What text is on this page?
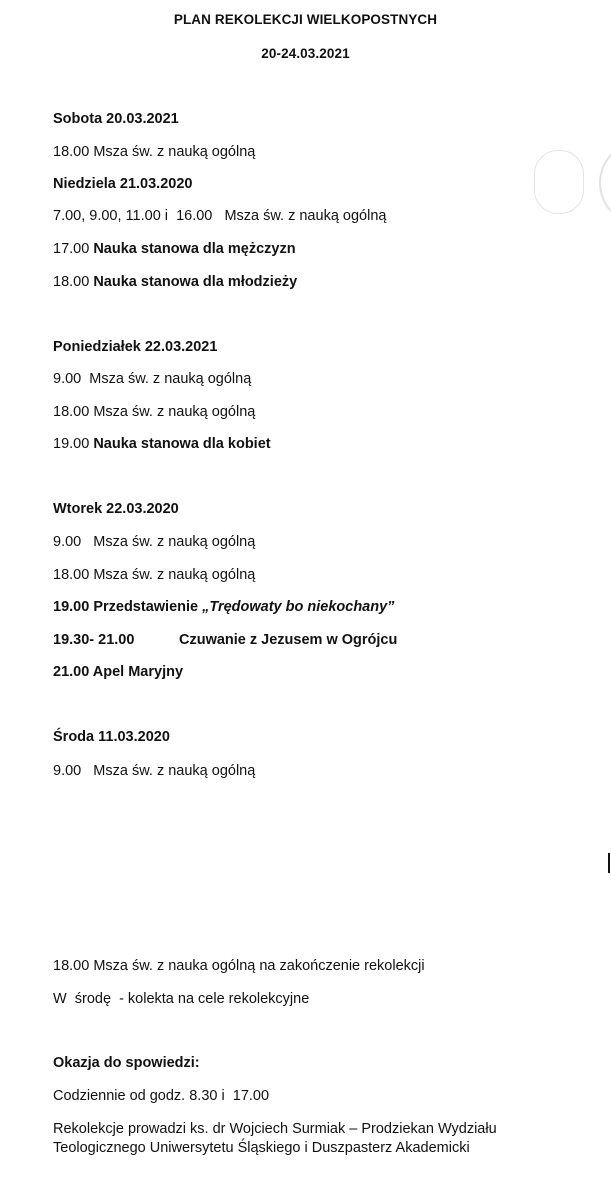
PLAN REKOLEKCJI WIELKOPOSTNYCH
20-24.03.2021
Sobota 20.03.2021
18.00 Msza św. z nauką ogólną
Niedziela 21.03.2020
7.00, 9.00, 11.00 i  16.00   Msza św. z nauką ogólną
17.00 Nauka stanowa dla mężczyzn
18.00 Nauka stanowa dla młodzieży
Poniedziałek 22.03.2021
9.00  Msza św. z nauką ogólną
18.00 Msza św. z nauką ogólną
19.00 Nauka stanowa dla kobiet
Wtorek 22.03.2020
9.00   Msza św. z nauką ogólną
18.00 Msza św. z nauką ogólną
19.00 Przedstawienie „Trędowaty bo niekochany”
19.30- 21.00	Czuwanie z Jezusem w Ogrójcu
21.00 Apel Maryjny
Środa 11.03.2020
9.00   Msza św. z nauką ogólną
18.00 Msza św. z nauka ogólną na zakończenie rekolekcji
W  środę  - kolekta na cele rekolekcyjne
Okazja do spowiedzi:
Codziennie od godz. 8.30 i  17.00
Rekolekcje prowadzi ks. dr Wojciech Surmiak – Prodziekan Wydziału Teologicznego Uniwersytetu Śląskiego i Duszpasterz Akademicki
